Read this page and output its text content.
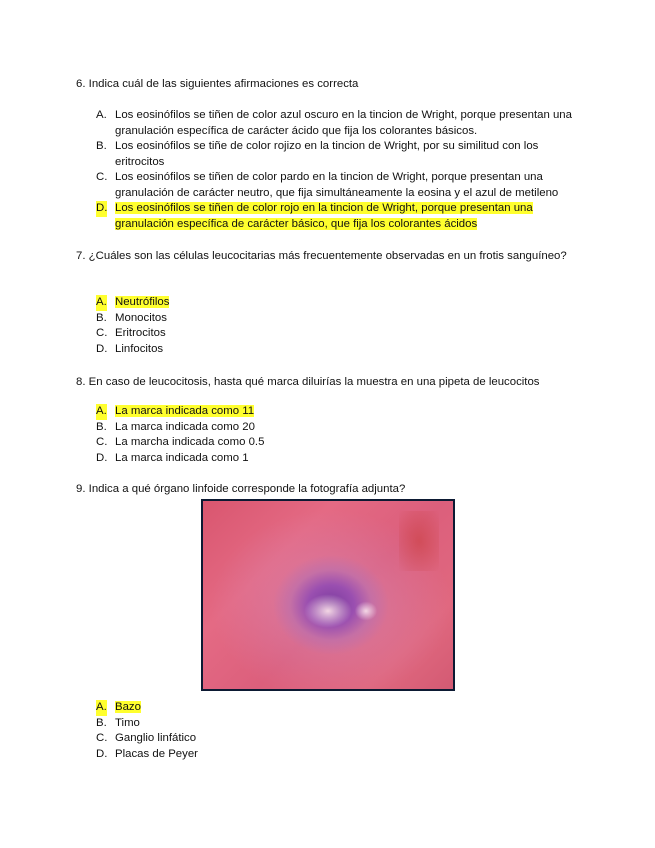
6. Indica cuál de las siguientes afirmaciones es correcta

A. Los eosinófilos se tiñen de color azul oscuro en la tincion de Wright, porque presentan una granulación específica de carácter ácido que fija los colorantes básicos.
B. Los eosinófilos se tiñe de color rojizo en la tincion de Wright, por su similitud con los eritrocitos
C. Los eosinófilos se tiñen de color pardo en la tincion de Wright, porque presentan una granulación de carácter neutro, que fija simultáneamente la eosina y el azul de metileno
D. Los eosinófilos se tiñen de color rojo en la tincion de Wright, porque presentan una granulación específica de carácter básico, que fija los colorantes ácidos

7. ¿Cuáles son las células leucocitarias más frecuentemente observadas en un frotis sanguíneo?

A. Neutrófilos
B. Monocitos
C. Eritrocitos
D. Linfocitos

8. En caso de leucocitosis, hasta qué marca diluirías la muestra en una pipeta de leucocitos

A. La marca indicada como 11
B. La marca indicada como 20
C. La marcha indicada como 0.5
D. La marca indicada como 1

9. Indica a qué órgano linfoide corresponde la fotografía adjunta?

A. Bazo
B. Timo
C. Ganglio linfático
D. Placas de Peyer
